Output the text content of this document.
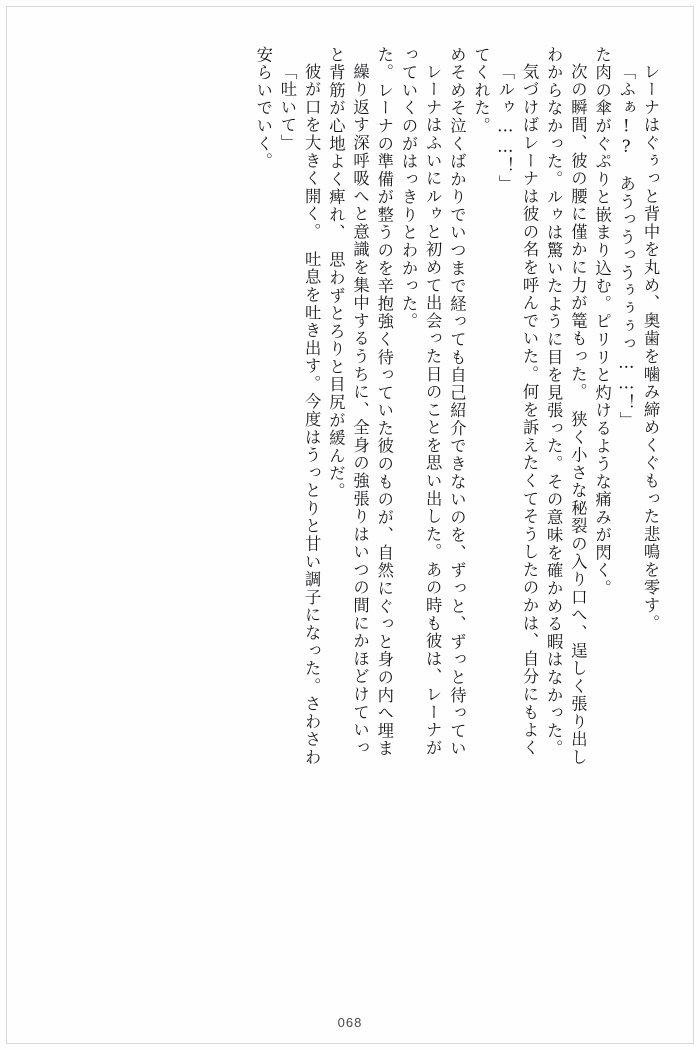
安らいでいく。 「吐いて」 彼が口を大きく開く。　吐息を吐き出す。今度はうっとりと甘い調子になった。さわさわ と背筋が心地よく痺れ、　思わずとろりと目尻が緩んだ。 繰り返す深呼吸へと意識を集中するうちに、全身の強張りはいつの間にかほどけていっ た。レーナの準備が整うのを辛抱強く待っていた彼のものが、自然にぐっと身の内へ埋ま っていくのがはっきりとわかった。 レーナはふいにルゥと初めて出会った日のことを思い出した。あの時も彼は、レーナが めそめそ泣くばかりでいつまで経っても自己紹介できないのを、ずっと、ずっと待ってい てくれた。 「ルゥ……！」 気づけばレーナは彼の名を呼んでいた。何を訴えたくてそうしたのかは、自分にもよく わからなかった。ルゥは驚いたように目を見張った。その意味を確かめる暇はなかった。 次の瞬間、彼の腰に僅かに力が篭もった。　狭く小さな秘裂の入り口へ、逞しく張り出し た肉の傘がぐぷりと嵌まり込む。ピリリと灼けるような痛みが閃く。 「ふぁ!?　あうっうっうぅぅぅっ……！」 レーナはぐぅっと背中を丸め、奥歯を噛み締めくぐもった悲鳴を零す。
068
